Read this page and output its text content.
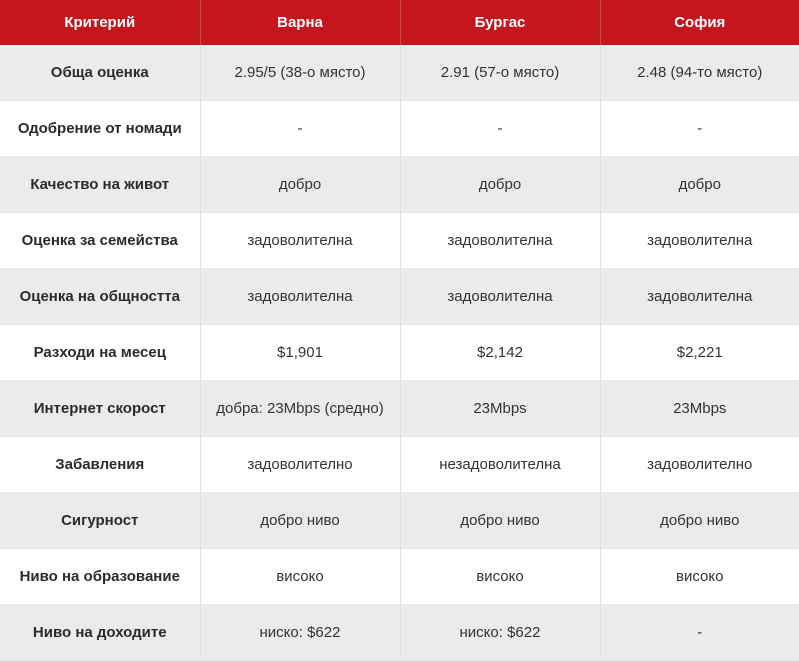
Критерий	Варна	Бургас	София
Обща оценка	2.95/5 (38-о място)	2.91 (57-о място)	2.48 (94-то място)
Одобрение от номади	-	-	-
Качество на живот	добро	добро	добро
Оценка за семейства	задоволителна	задоволителна	задоволителна
Оценка на общността	задоволителна	задоволителна	задоволителна
Разходи на месец	$1,901	$2,142	$2,221
Интернет скорост	добра: 23Mbps (средно)	23Mbps	23Mbps
Забавления	задоволително	незадоволителна	задоволително
Сигурност	добро ниво	добро ниво	добро ниво
Ниво на образование	високо	високо	високо
Ниво на доходите	ниско: $622	ниско: $622	-
